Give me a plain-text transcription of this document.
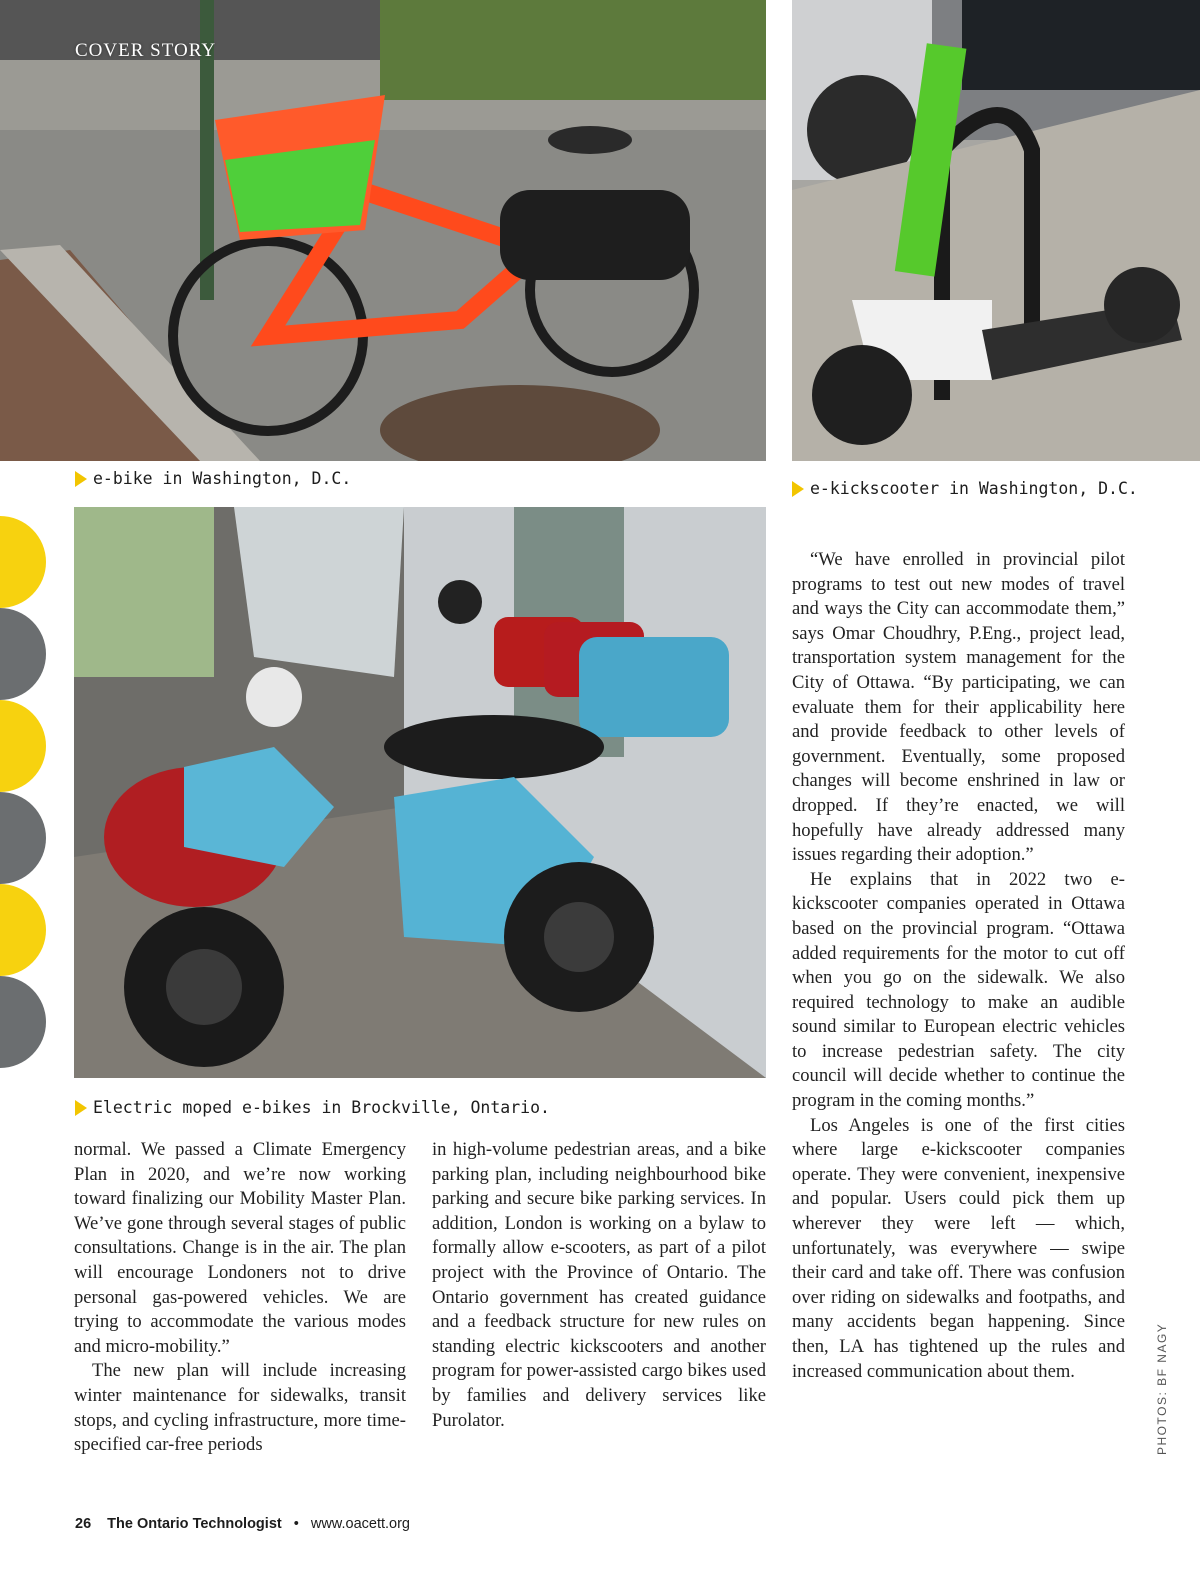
COVER STORY
e-bike in Washington, D.C.
e-kickscooter in Washington, D.C.
Electric moped e-bikes in Brockville, Ontario.

normal. We passed a Climate Emergency Plan in 2020, and we’re now working toward finalizing our Mobility Master Plan. We’ve gone through several stages of public consultations. Change is in the air. The plan will encourage Londoners not to drive personal gas-powered vehicles. We are trying to accommodate the various modes and micro-mobility.”

The new plan will include increasing winter maintenance for sidewalks, transit stops, and cycling infrastructure, more time-specified car-free periods

in high-volume pedestrian areas, and a bike parking plan, including neighbourhood bike parking and secure bike parking services. In addition, London is working on a bylaw to formally allow e-scooters, as part of a pilot project with the Province of Ontario. The Ontario government has created guidance and a feedback structure for new rules on standing electric kickscooters and another program for power-assisted cargo bikes used by families and delivery services like Purolator.

“We have enrolled in provincial pilot programs to test out new modes of travel and ways the City can accommodate them,” says Omar Choudhry, P.Eng., project lead, transportation system management for the City of Ottawa. “By participating, we can evaluate them for their applicability here and provide feedback to other levels of government. Eventually, some proposed changes will become enshrined in law or dropped. If they’re enacted, we will hopefully have already addressed many issues regarding their adoption.”

He explains that in 2022 two e-kickscooter companies operated in Ottawa based on the provincial program. “Ottawa added requirements for the motor to cut off when you go on the sidewalk. We also required technology to make an audible sound similar to European electric vehicles to increase pedestrian safety. The city council will decide whether to continue the program in the coming months.”

Los Angeles is one of the first cities where large e-kickscooter companies operate. They were convenient, inexpensive and popular. Users could pick them up wherever they were left — which, unfortunately, was everywhere — swipe their card and take off. There was confusion over riding on sidewalks and footpaths, and many accidents began happening. Since then, LA has tightened up the rules and increased communication about them.	PHOTOS: BF NAGY
26 The Ontario Technologist • www.oacett.org
